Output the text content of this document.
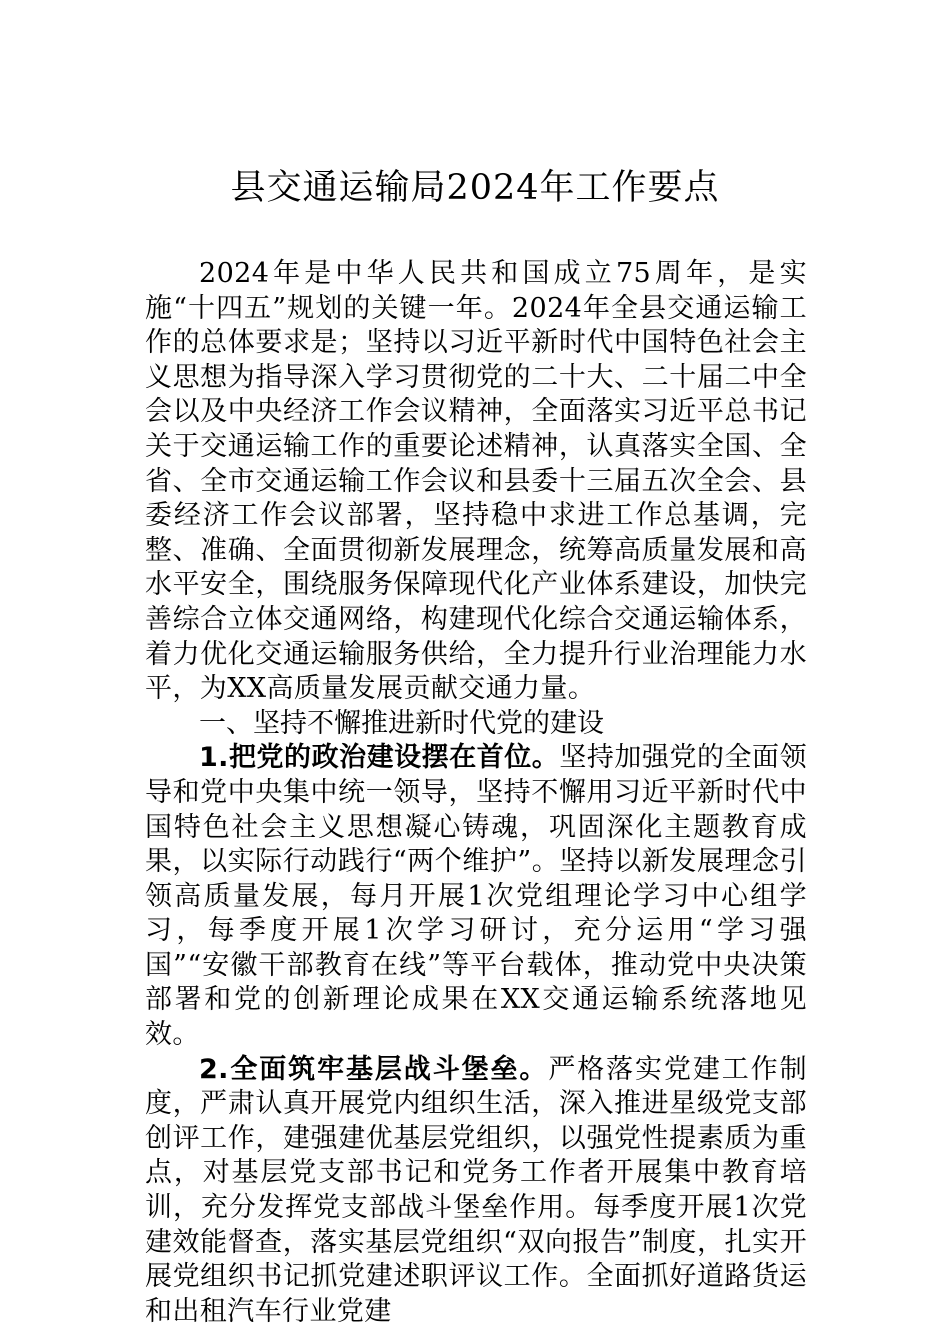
县交通运输局2024年工作要点

2024年是中华人民共和国成立75周年，是实施“十四五”规划的关键一年。2024年全县交通运输工作的总体要求是；坚持以习近平新时代中国特色社会主义思想为指导深入学习贯彻党的二十大、二十届二中全会以及中央经济工作会议精神，全面落实习近平总书记关于交通运输工作的重要论述精神，认真落实全国、全省、全市交通运输工作会议和县委十三届五次全会、县委经济工作会议部署，坚持稳中求进工作总基调，完整、准确、全面贯彻新发展理念，统筹高质量发展和高水平安全，围绕服务保障现代化产业体系建设，加快完善综合立体交通网络，构建现代化综合交通运输体系，着力优化交通运输服务供给，全力提升行业治理能力水平，为XX高质量发展贡献交通力量。

一、坚持不懈推进新时代党的建设

1.把党的政治建设摆在首位。坚持加强党的全面领导和党中央集中统一领导，坚持不懈用习近平新时代中国特色社会主义思想凝心铸魂，巩固深化主题教育成果，以实际行动践行“两个维护”。坚持以新发展理念引领高质量发展，每月开展1次党组理论学习中心组学习，每季度开展1次学习研讨，充分运用“学习强国”“安徽干部教育在线”等平台载体，推动党中央决策部署和党的创新理论成果在XX交通运输系统落地见效。

2.全面筑牢基层战斗堡垒。严格落实党建工作制度，严肃认真开展党内组织生活，深入推进星级党支部创评工作，建强建优基层党组织，以强党性提素质为重点，对基层党支部书记和党务工作者开展集中教育培训，充分发挥党支部战斗堡垒作用。每季度开展1次党建效能督查，落实基层党组织“双向报告”制度，扎实开展党组织书记抓党建述职评议工作。全面抓好道路货运和出租汽车行业党建
